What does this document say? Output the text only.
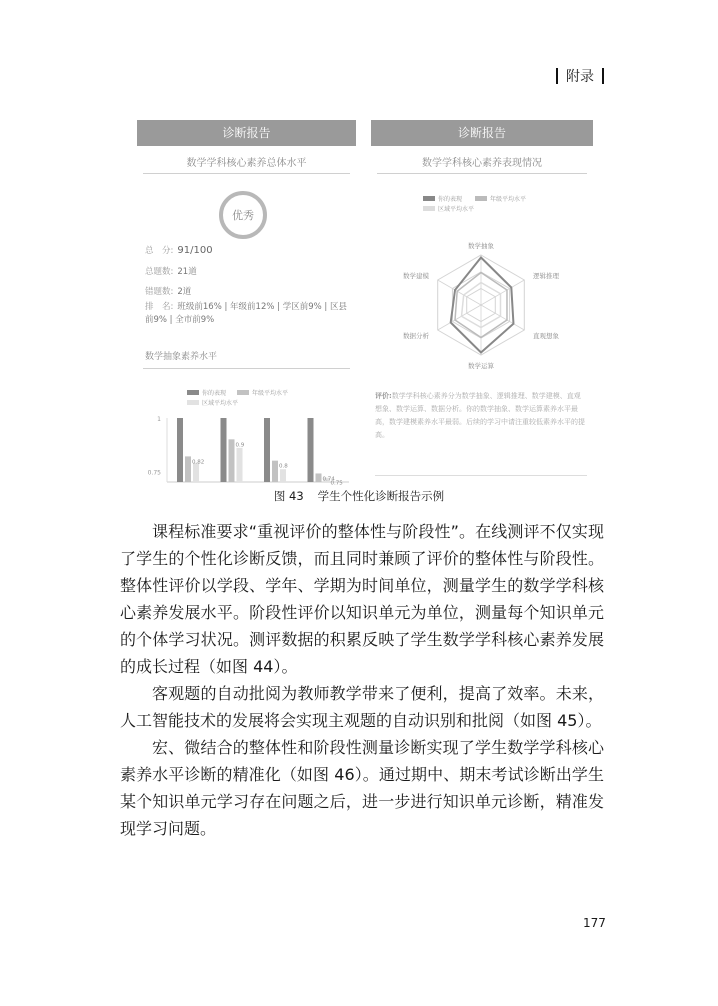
附录
诊断报告
数学学科核心素养总体水平
优秀
总　分: 91/100
总题数: 21道
错题数: 2道
排　名: 班级前16% | 年级前12% | 学区前9% | 区县前9% | 全市前9%
数学抽象素养水平
你的表现	年级平均水平
区域平均水平
1
0.75
0.82
0.9
0.8
0.74
0.75
诊断报告
数学学科核心素养表现情况
你的表现	年级平均水平
区域平均水平
数学抽象
逻辑推理
直观想象
数学运算
数据分析
数学建模
评价:数学学科核心素养分为数学抽象、逻辑推理、数学建模、直观想象、数学运算、数据分析。你的数学抽象、数学运算素养水平最高，数学建模素养水平最弱。后续的学习中请注重较低素养水平的提高。
图 43 学生个性化诊断报告示例

课程标准要求“重视评价的整体性与阶段性”。在线测评不仅实现了学生的个性化诊断反馈，而且同时兼顾了评价的整体性与阶段性。整体性评价以学段、学年、学期为时间单位，测量学生的数学学科核心素养发展水平。阶段性评价以知识单元为单位，测量每个知识单元的个体学习状况。测评数据的积累反映了学生数学学科核心素养发展的成长过程（如图 44）。

客观题的自动批阅为教师教学带来了便利，提高了效率。未来，人工智能技术的发展将会实现主观题的自动识别和批阅（如图 45）。

宏、微结合的整体性和阶段性测量诊断实现了学生数学学科核心素养水平诊断的精准化（如图 46）。通过期中、期末考试诊断出学生某个知识单元学习存在问题之后，进一步进行知识单元诊断，精准发现学习问题。

177
